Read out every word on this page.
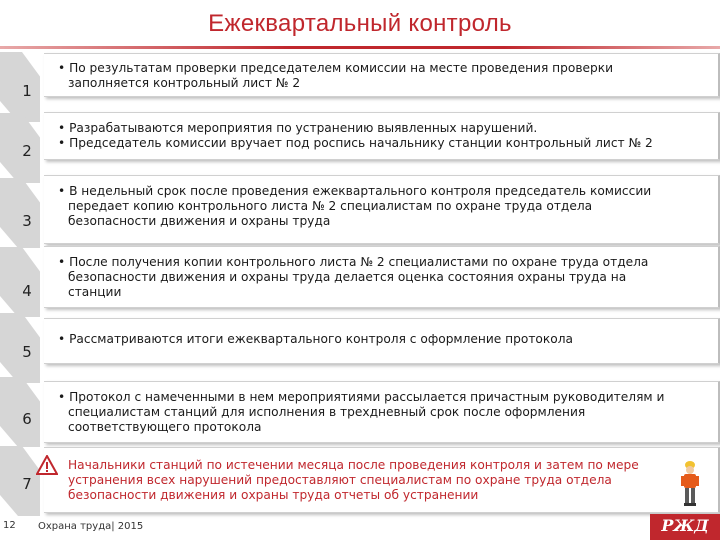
Ежеквартальный контроль
1

• По результатам проверки председателем комиссии на месте проведения проверки

заполняется контрольный лист № 2

2

• Разрабатываются мероприятия по устранению выявленных нарушений.

• Председатель комиссии вручает под роспись начальнику станции контрольный лист № 2

3

• В недельный срок после проведения ежеквартального контроля председатель комиссии

передает копию контрольного листа № 2 специалистам по охране труда отдела

безопасности движения и охраны труда

4

• После получения копии контрольного листа № 2 специалистами по охране труда отдела

безопасности движения и охраны труда делается оценка состояния охраны труда на

станции

5

• Рассматриваются итоги ежеквартального контроля с оформление протокола

6

• Протокол с намеченными в нем мероприятиями рассылается причастным руководителям и

специалистам станций для исполнения в трехдневный срок после оформления

соответствующего протокола

7

Начальники станций по истечении месяца после проведения контроля и затем по мере

устранения всех нарушений предоставляют специалистам по охране труда отдела

безопасности движения и охраны труда отчеты об устранении

12 Охрана труда| 2015	РЖД
